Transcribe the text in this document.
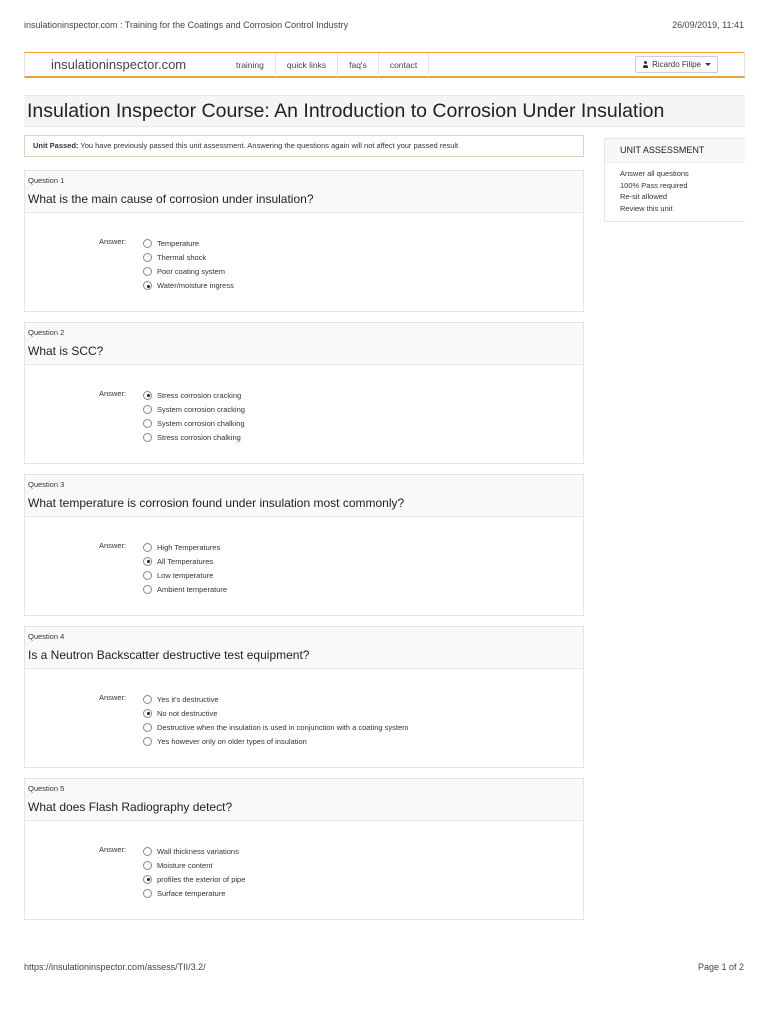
insulationinspector.com : Training for the Coatings and Corrosion Control Industry	26/09/2019, 11:41
insulationinspector.com	training	quick links	faq's	contact	Ricardo Filipe
Insulation Inspector Course: An Introduction to Corrosion Under Insulation
Unit Passed: You have previously passed this unit assessment. Answering the questions again will not affect your passed result	UNIT ASSESSMENT
Answer all questions
100% Pass required
Re-sit allowed
Review this unit
Question 1
What is the main cause of corrosion under insulation?
Answer:	Temperature
Thermal shock
Poor coating system
Water/moisture ingress
Question 2
What is SCC?
Answer:	Stress corrosion cracking
System corrosion cracking
System corrosion chalking
Stress corrosion chalking
Question 3
What temperature is corrosion found under insulation most commonly?
Answer:	High Temperatures
All Temperatures
Low temperature
Ambient temperature
Question 4
Is a Neutron Backscatter destructive test equipment?
Answer:	Yes it's destructive
No not destructive
Destructive when the insulation is used in conjunction with a coating system
Yes however only on older types of insulation
Question 5
What does Flash Radiography detect?
Answer:	Wall thickness variations
Moisture content
profiles the exterior of pipe
Surface temperature
https://insulationinspector.com/assess/TII/3.2/	Page 1 of 2
